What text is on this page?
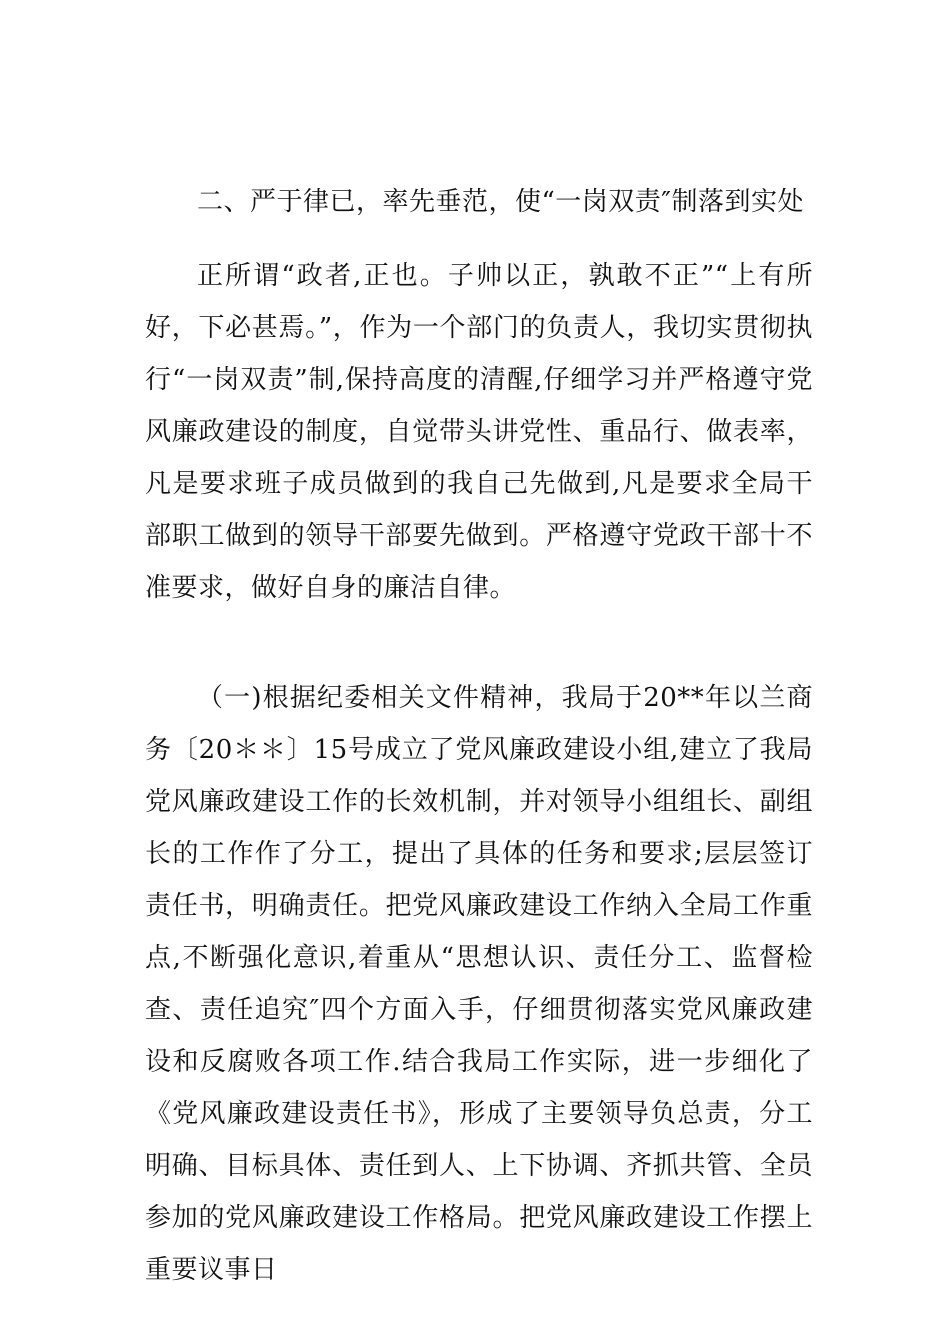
二、严于律已，率先垂范，使“一岗双责″制落到实处

正所谓“政者,正也。子帅以正，孰敢不正”“上有所好，下必甚焉。”，作为一个部门的负责人，我切实贯彻执行“一岗双责”制,保持高度的清醒,仔细学习并严格遵守党风廉政建设的制度，自觉带头讲党性、重品行、做表率，凡是要求班子成员做到的我自己先做到,凡是要求全局干部职工做到的领导干部要先做到。严格遵守党政干部十不准要求，做好自身的廉洁自律。

（一)根据纪委相关文件精神，我局于20**年以兰商务〔20＊＊〕15号成立了党风廉政建设小组,建立了我局党风廉政建设工作的长效机制，并对领导小组组长、副组长的工作作了分工，提出了具体的任务和要求;层层签订责任书，明确责任。把党风廉政建设工作纳入全局工作重点,不断强化意识,着重从“思想认识、责任分工、监督检查、责任追究″四个方面入手，仔细贯彻落实党风廉政建设和反腐败各项工作.结合我局工作实际，进一步细化了《党风廉政建设责任书》，形成了主要领导负总责，分工明确、目标具体、责任到人、上下协调、齐抓共管、全员参加的党风廉政建设工作格局。把党风廉政建设工作摆上重要议事日
